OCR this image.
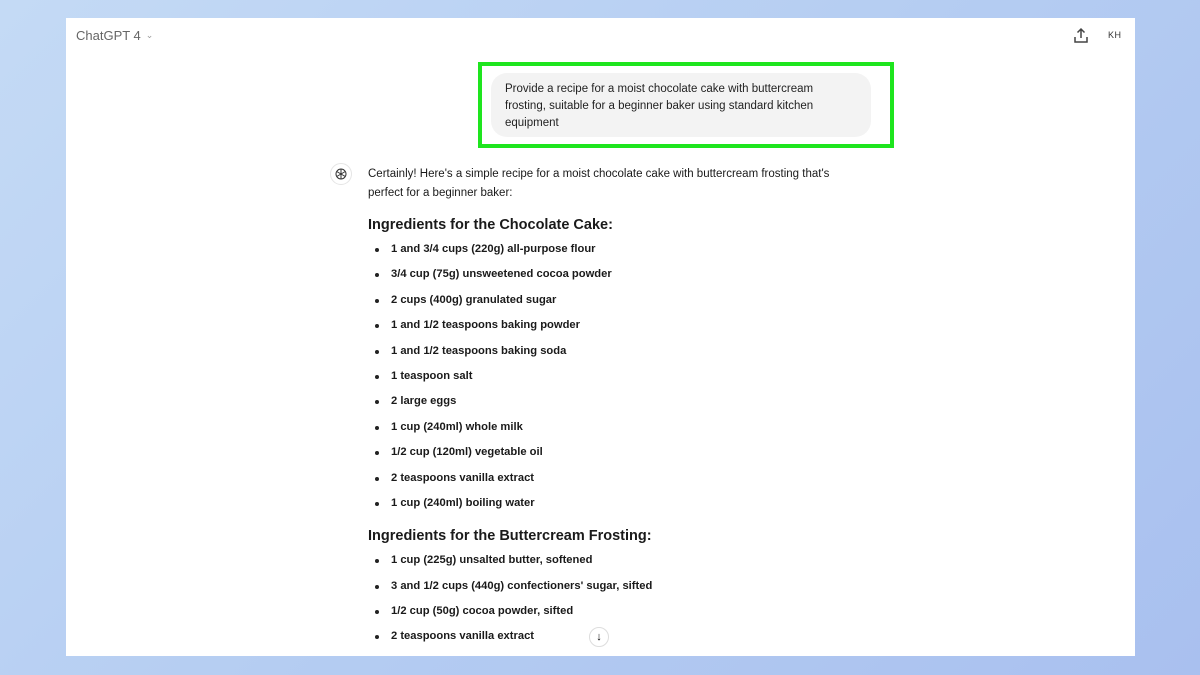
ChatGPT 4 ⌄	KH
Provide a recipe for a moist chocolate cake with buttercream frosting, suitable for a beginner baker using standard kitchen equipment

Certainly! Here's a simple recipe for a moist chocolate cake with buttercream frosting that's perfect for a beginner baker:

Ingredients for the Chocolate Cake:
1 and 3/4 cups (220g) all-purpose flour
3/4 cup (75g) unsweetened cocoa powder
2 cups (400g) granulated sugar
1 and 1/2 teaspoons baking powder
1 and 1/2 teaspoons baking soda
1 teaspoon salt
2 large eggs
1 cup (240ml) whole milk
1/2 cup (120ml) vegetable oil
2 teaspoons vanilla extract
1 cup (240ml) boiling water
Ingredients for the Buttercream Frosting:
1 cup (225g) unsalted butter, softened
3 and 1/2 cups (440g) confectioners' sugar, sifted
1/2 cup (50g) cocoa powder, sifted
2 teaspoons vanilla extract	↓
